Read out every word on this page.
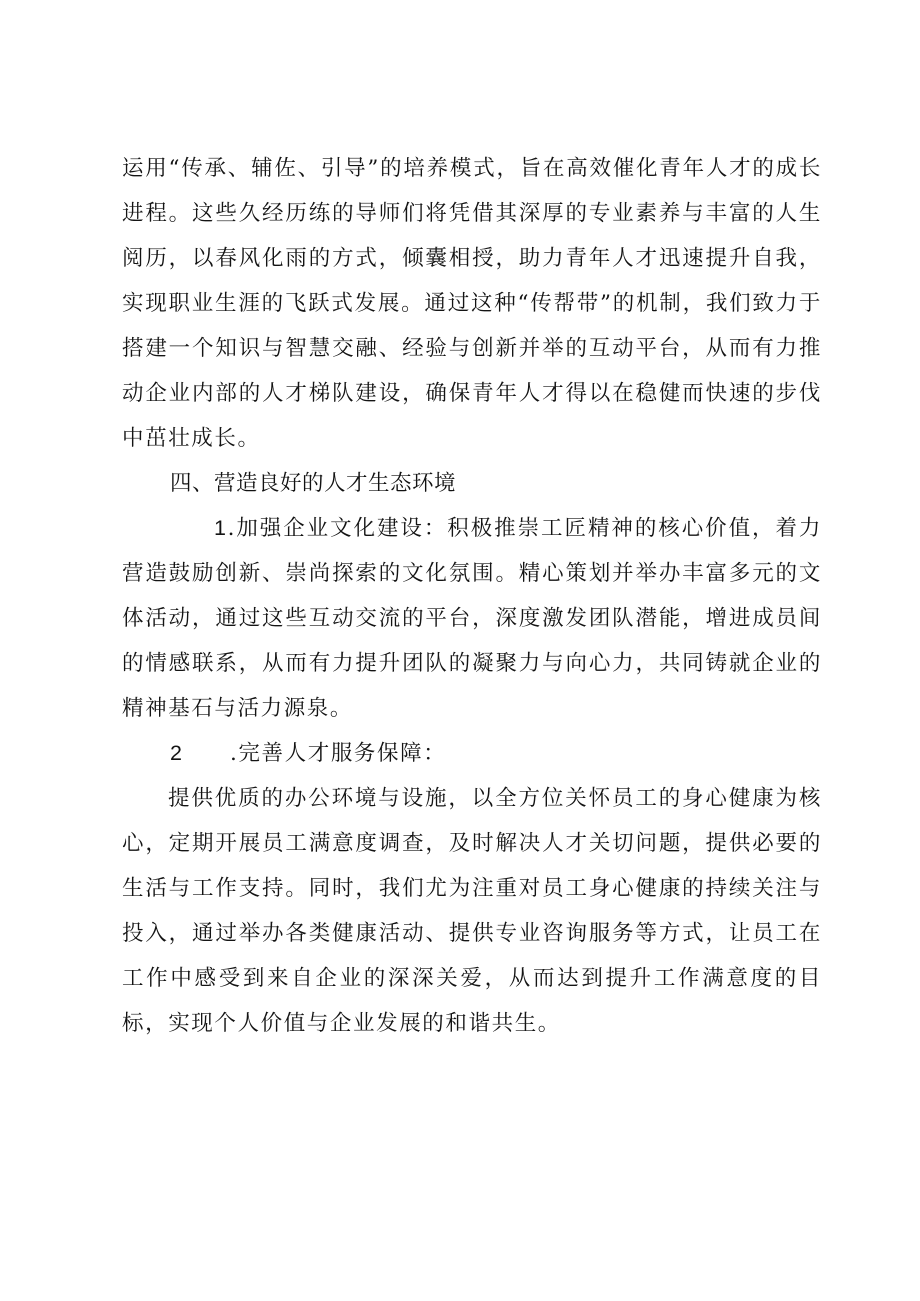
运用“传承、辅佐、引导”的培养模式，旨在高效催化青年人才的成长进程。这些久经历练的导师们将凭借其深厚的专业素养与丰富的人生阅历，以春风化雨的方式，倾囊相授，助力青年人才迅速提升自我，实现职业生涯的飞跃式发展。通过这种“传帮带”的机制，我们致力于搭建一个知识与智慧交融、经验与创新并举的互动平台，从而有力推动企业内部的人才梯队建设，确保青年人才得以在稳健而快速的步伐中茁壮成长。

四、营造良好的人才生态环境

1.加强企业文化建设：积极推崇工匠精神的核心价值，着力营造鼓励创新、崇尚探索的文化氛围。精心策划并举办丰富多元的文体活动，通过这些互动交流的平台，深度激发团队潜能，增进成员间的情感联系，从而有力提升团队的凝聚力与向心力，共同铸就企业的精神基石与活力源泉。

2 .完善人才服务保障：

提供优质的办公环境与设施，以全方位关怀员工的身心健康为核心，定期开展员工满意度调查，及时解决人才关切问题，提供必要的生活与工作支持。同时，我们尤为注重对员工身心健康的持续关注与投入，通过举办各类健康活动、提供专业咨询服务等方式，让员工在工作中感受到来自企业的深深关爱，从而达到提升工作满意度的目标，实现个人价值与企业发展的和谐共生。
